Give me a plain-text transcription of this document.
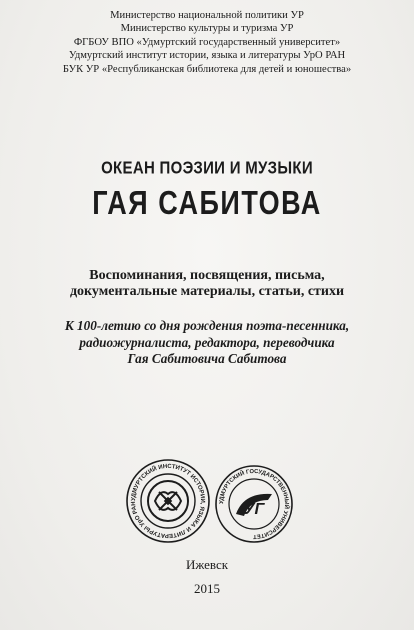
Министерство национальной политики УР
Министерство культуры и туризма УР
ФГБОУ ВПО «Удмуртский государственный университет»
Удмуртский институт истории, языка и литературы УрО РАН
БУК УР «Республиканская библиотека для детей и юношества»
ОКЕАН ПОЭЗИИ И МУЗЫКИ
ГАЯ САБИТОВА
Воспоминания, посвящения, письма,
документальные материалы, статьи, стихи
К 100-летию со дня рождения поэта-песенника,
радиожурналиста, редактора, переводчика
Гая Сабитовича Сабитова
УДМУРТСКИЙ ИНСТИТУТ ИСТОРИИ, ЯЗЫКА И ЛИТЕРАТУРЫ УрО РАН	УДМУРТСКИЙ ГОСУДАРСТВЕННЫЙ УНИВЕРСИТЕТ
УГ
Ижевск
2015
